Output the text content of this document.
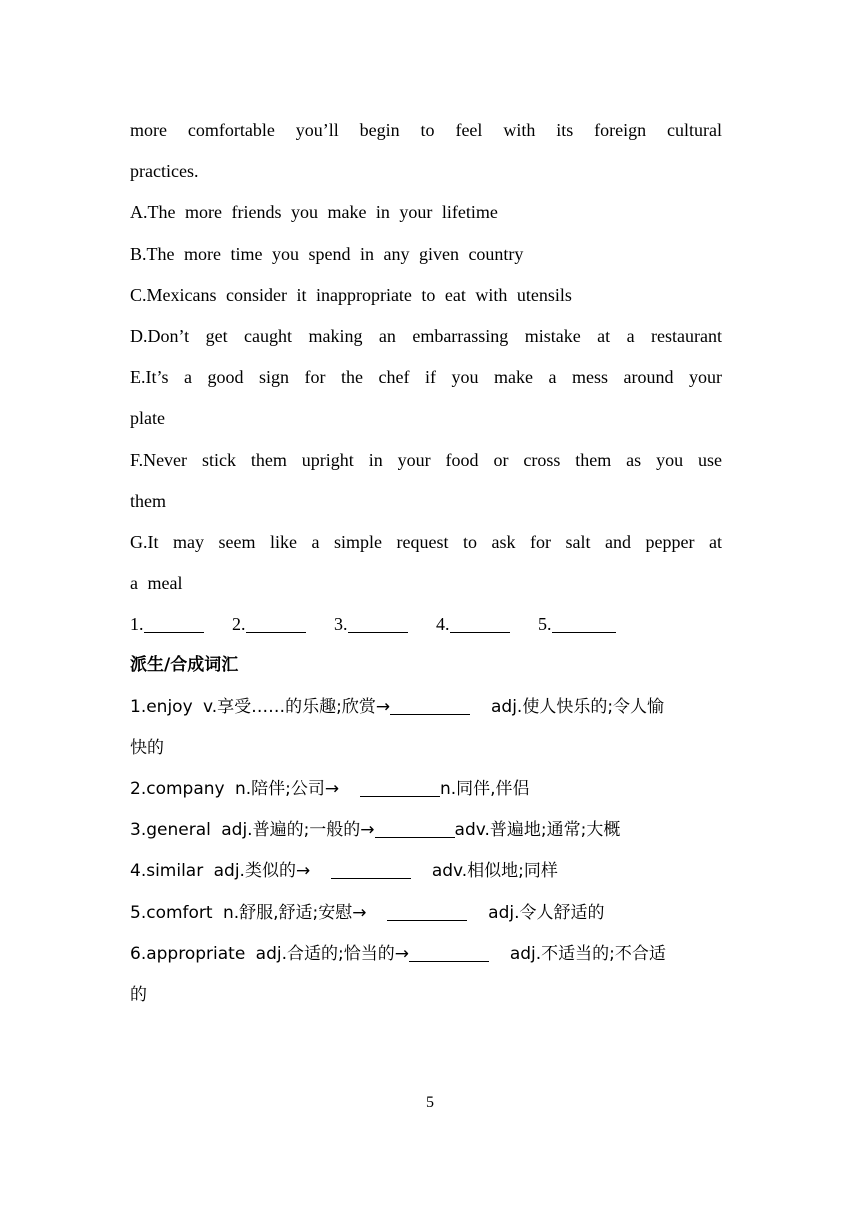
more comfortable you’ll begin to feel with its foreign cultural
practices.
A.The more friends you make in your lifetime
B.The more time you spend in any given country
C.Mexicans consider it inappropriate to eat with utensils
D.Don’t get caught making an embarrassing mistake at a restaurant
E.It’s a good sign for the chef if you make a mess around your
plate
F.Never stick them upright in your food or cross them as you use
them
G.It may seem like a simple request to ask for salt and pepper at
a meal
1.	2.	3.	4.	5.
派生/合成词汇
1.enjoy v.享受……的乐趣;欣赏→	adj.使人快乐的;令人愉
快的
2.company n.陪伴;公司→	n.同伴,伴侣
3.general adj.普遍的;一般的→	adv.普遍地;通常;大概
4.similar adj.类似的→	adv.相似地;同样
5.comfort n.舒服,舒适;安慰→	adj.令人舒适的
6.appropriate adj.合适的;恰当的→	adj.不适当的;不合适
的
5
